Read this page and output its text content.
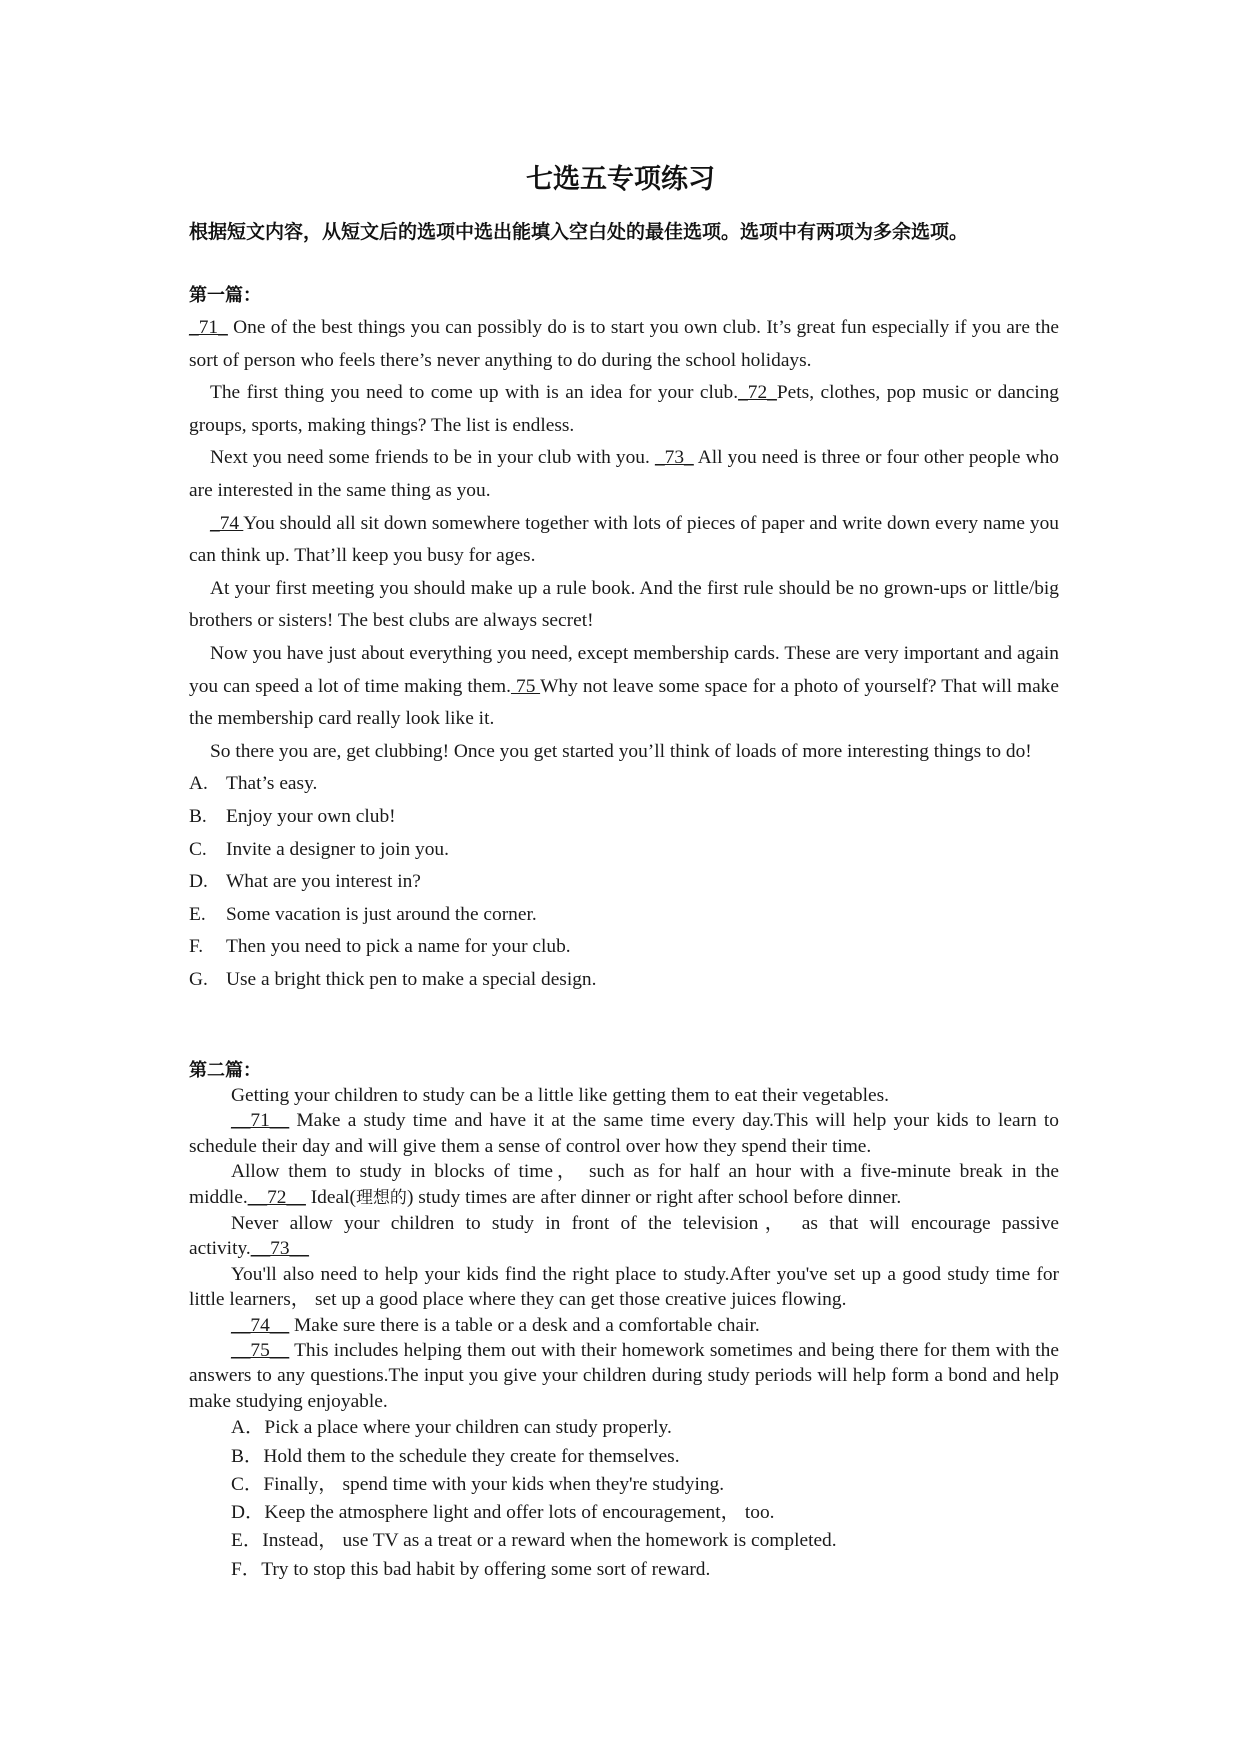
七选五专项练习
根据短文内容，从短文后的选项中选出能填入空白处的最佳选项。选项中有两项为多余选项。
第一篇：

_71_ One of the best things you can possibly do is to start you own club. It’s great fun especially if you are the sort of person who feels there’s never anything to do during the school holidays.

The first thing you need to come up with is an idea for your club._72_Pets, clothes, pop music or dancing groups, sports, making things? The list is endless.

Next you need some friends to be in your club with you. _73_ All you need is three or four other people who are interested in the same thing as you.

_74 You should all sit down somewhere together with lots of pieces of paper and write down every name you can think up. That’ll keep you busy for ages.

At your first meeting you should make up a rule book. And the first rule should be no grown-ups or little/big brothers or sisters! The best clubs are always secret!

Now you have just about everything you need, except membership cards. These are very important and again you can speed a lot of time making them. 75 Why not leave some space for a photo of yourself? That will make the membership card really look like it.

So there you are, get clubbing! Once you get started you’ll think of loads of more interesting things to do!

A. That’s easy.
B. Enjoy your own club!
C. Invite a designer to join you.
D. What are you interest in?
E.	Some vacation is just around the corner.
F.	Then you need to pick a name for your club.
G. Use a bright thick pen to make a special design.
第二篇：

Getting your children to study can be a little like getting them to eat their vegetables.

__71__ Make a study time and have it at the same time every day.This will help your kids to learn to schedule their day and will give them a sense of control over how they spend their time.

Allow them to study in blocks of time， such as for half an hour with a five-minute break in the middle.__72__ Ideal(理想的) study times are after dinner or right after school before dinner.

Never allow your children to study in front of the television， as that will encourage passive activity.__73__

You'll also need to help your kids find the right place to study.After you've set up a good study time for little learners， set up a good place where they can get those creative juices flowing.

__74__ Make sure there is a table or a desk and a comfortable chair.

__75__ This includes helping them out with their homework sometimes and being there for them with the answers to any questions.The input you give your children during study periods will help form a bond and help make studying enjoyable.

A．Pick a place where your children can study properly.
B．Hold them to the schedule they create for themselves.
C．Finally， spend time with your kids when they're studying.
D．Keep the atmosphere light and offer lots of encouragement， too.
E．Instead， use TV as a treat or a reward when the homework is completed.
F．Try to stop this bad habit by offering some sort of reward.
